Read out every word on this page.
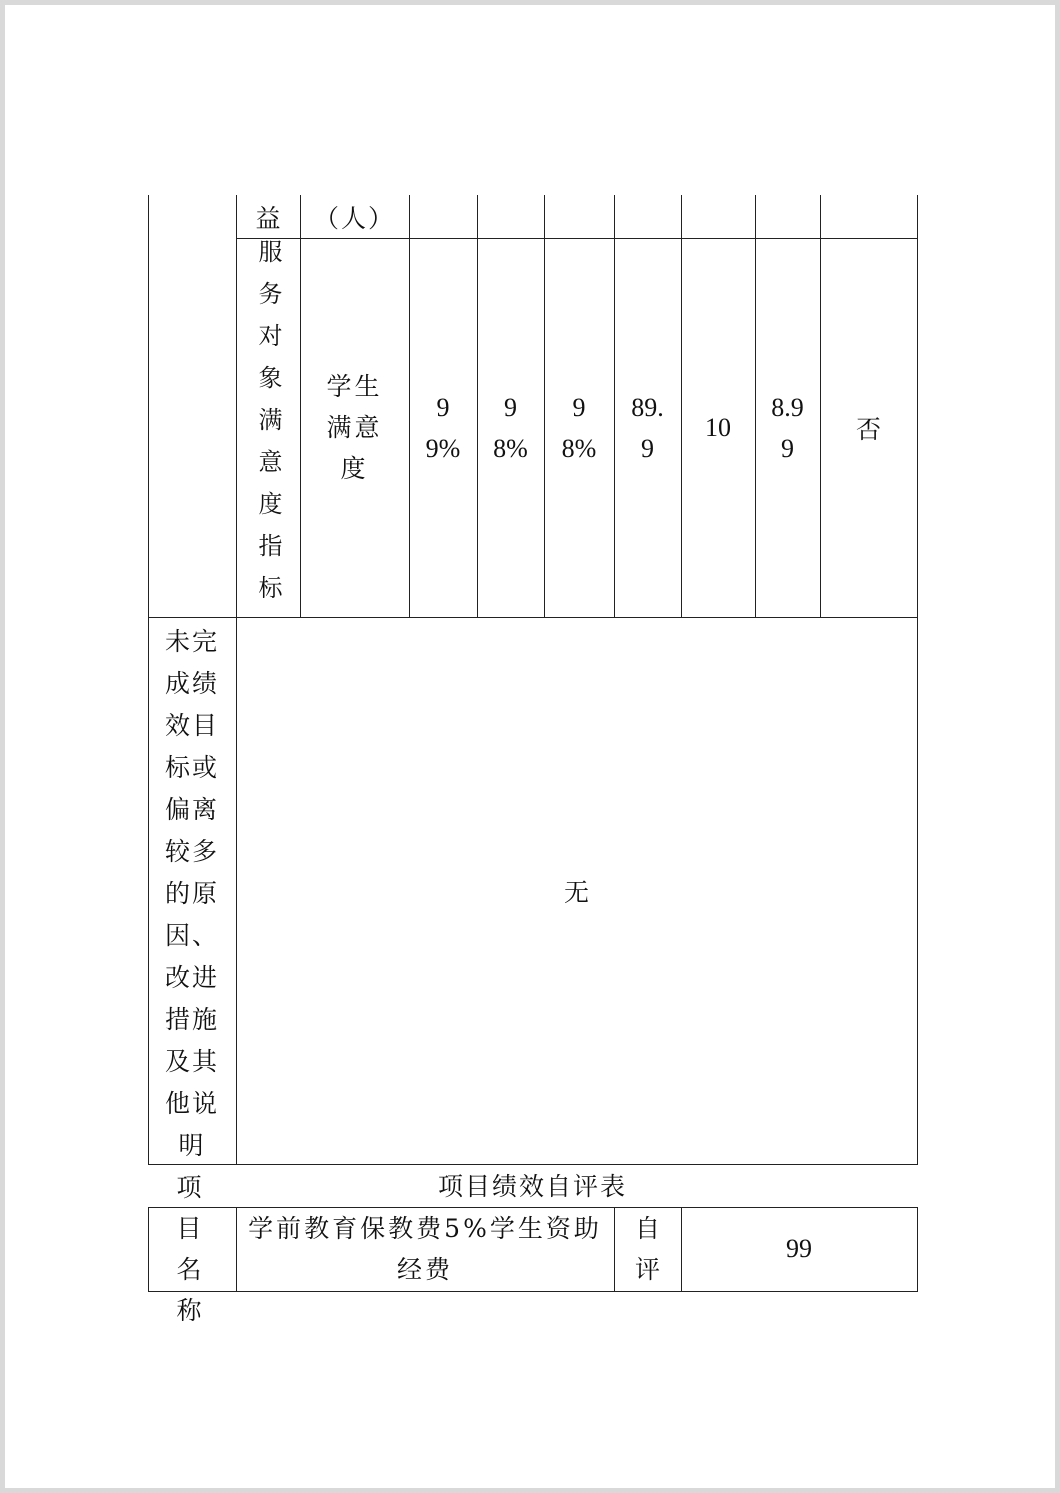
益	（人）
服务对象满意度指标	学生满意度
99%
98%
98%
89.9
10
8.99
否
未完成绩效目标或偏离较多的原因、改进措施及其他说明
无
项目绩效自评表
项目名称
学前教育保教费5%学生资助经费
自评
99
